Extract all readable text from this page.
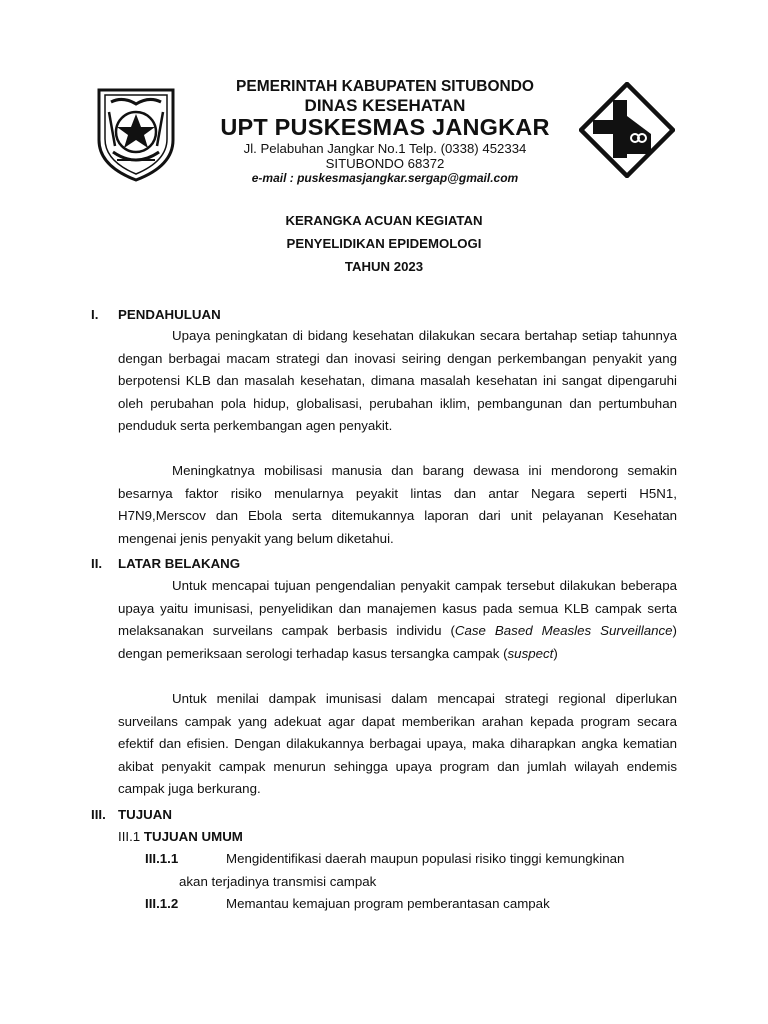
PEMERINTAH KABUPATEN SITUBONDO
DINAS KESEHATAN
UPT PUSKESMAS JANGKAR
Jl. Pelabuhan Jangkar No.1 Telp. (0338) 452334
SITUBONDO 68372
e-mail : puskesmasjangkar.sergap@gmail.com
KERANGKA ACUAN KEGIATAN
PENYELIDIKAN EPIDEMOLOGI
TAHUN 2023
I. PENDAHULUAN

Upaya peningkatan di bidang kesehatan dilakukan secara bertahap setiap tahunnya dengan berbagai macam strategi dan inovasi seiring dengan perkembangan penyakit yang berpotensi KLB dan masalah kesehatan, dimana masalah kesehatan ini sangat dipengaruhi oleh perubahan pola hidup, globalisasi, perubahan iklim, pembangunan dan pertumbuhan penduduk serta perkembangan agen penyakit.

Meningkatnya mobilisasi manusia dan barang dewasa ini mendorong semakin besarnya faktor risiko menularnya peyakit lintas dan antar Negara seperti H5N1, H7N9,Merscov dan Ebola serta ditemukannya laporan dari unit pelayanan Kesehatan mengenai jenis penyakit yang belum diketahui.

II. LATAR BELAKANG

Untuk mencapai tujuan pengendalian penyakit campak tersebut dilakukan beberapa upaya yaitu imunisasi, penyelidikan dan manajemen kasus pada semua KLB campak serta melaksanakan surveilans campak berbasis individu (Case Based Measles Surveillance) dengan pemeriksaan serologi terhadap kasus tersangka campak (suspect)

Untuk menilai dampak imunisasi dalam mencapai strategi regional diperlukan surveilans campak yang adekuat agar dapat memberikan arahan kepada program secara efektif dan efisien. Dengan dilakukannya berbagai upaya, maka diharapkan angka kematian akibat penyakit campak menurun sehingga upaya program dan jumlah wilayah endemis campak juga berkurang.

III. TUJUAN
III.1 TUJUAN UMUM
III.1.1	Mengidentifikasi daerah maupun populasi risiko tinggi kemungkinan
akan terjadinya transmisi campak
III.1.2	Memantau kemajuan program pemberantasan campak
